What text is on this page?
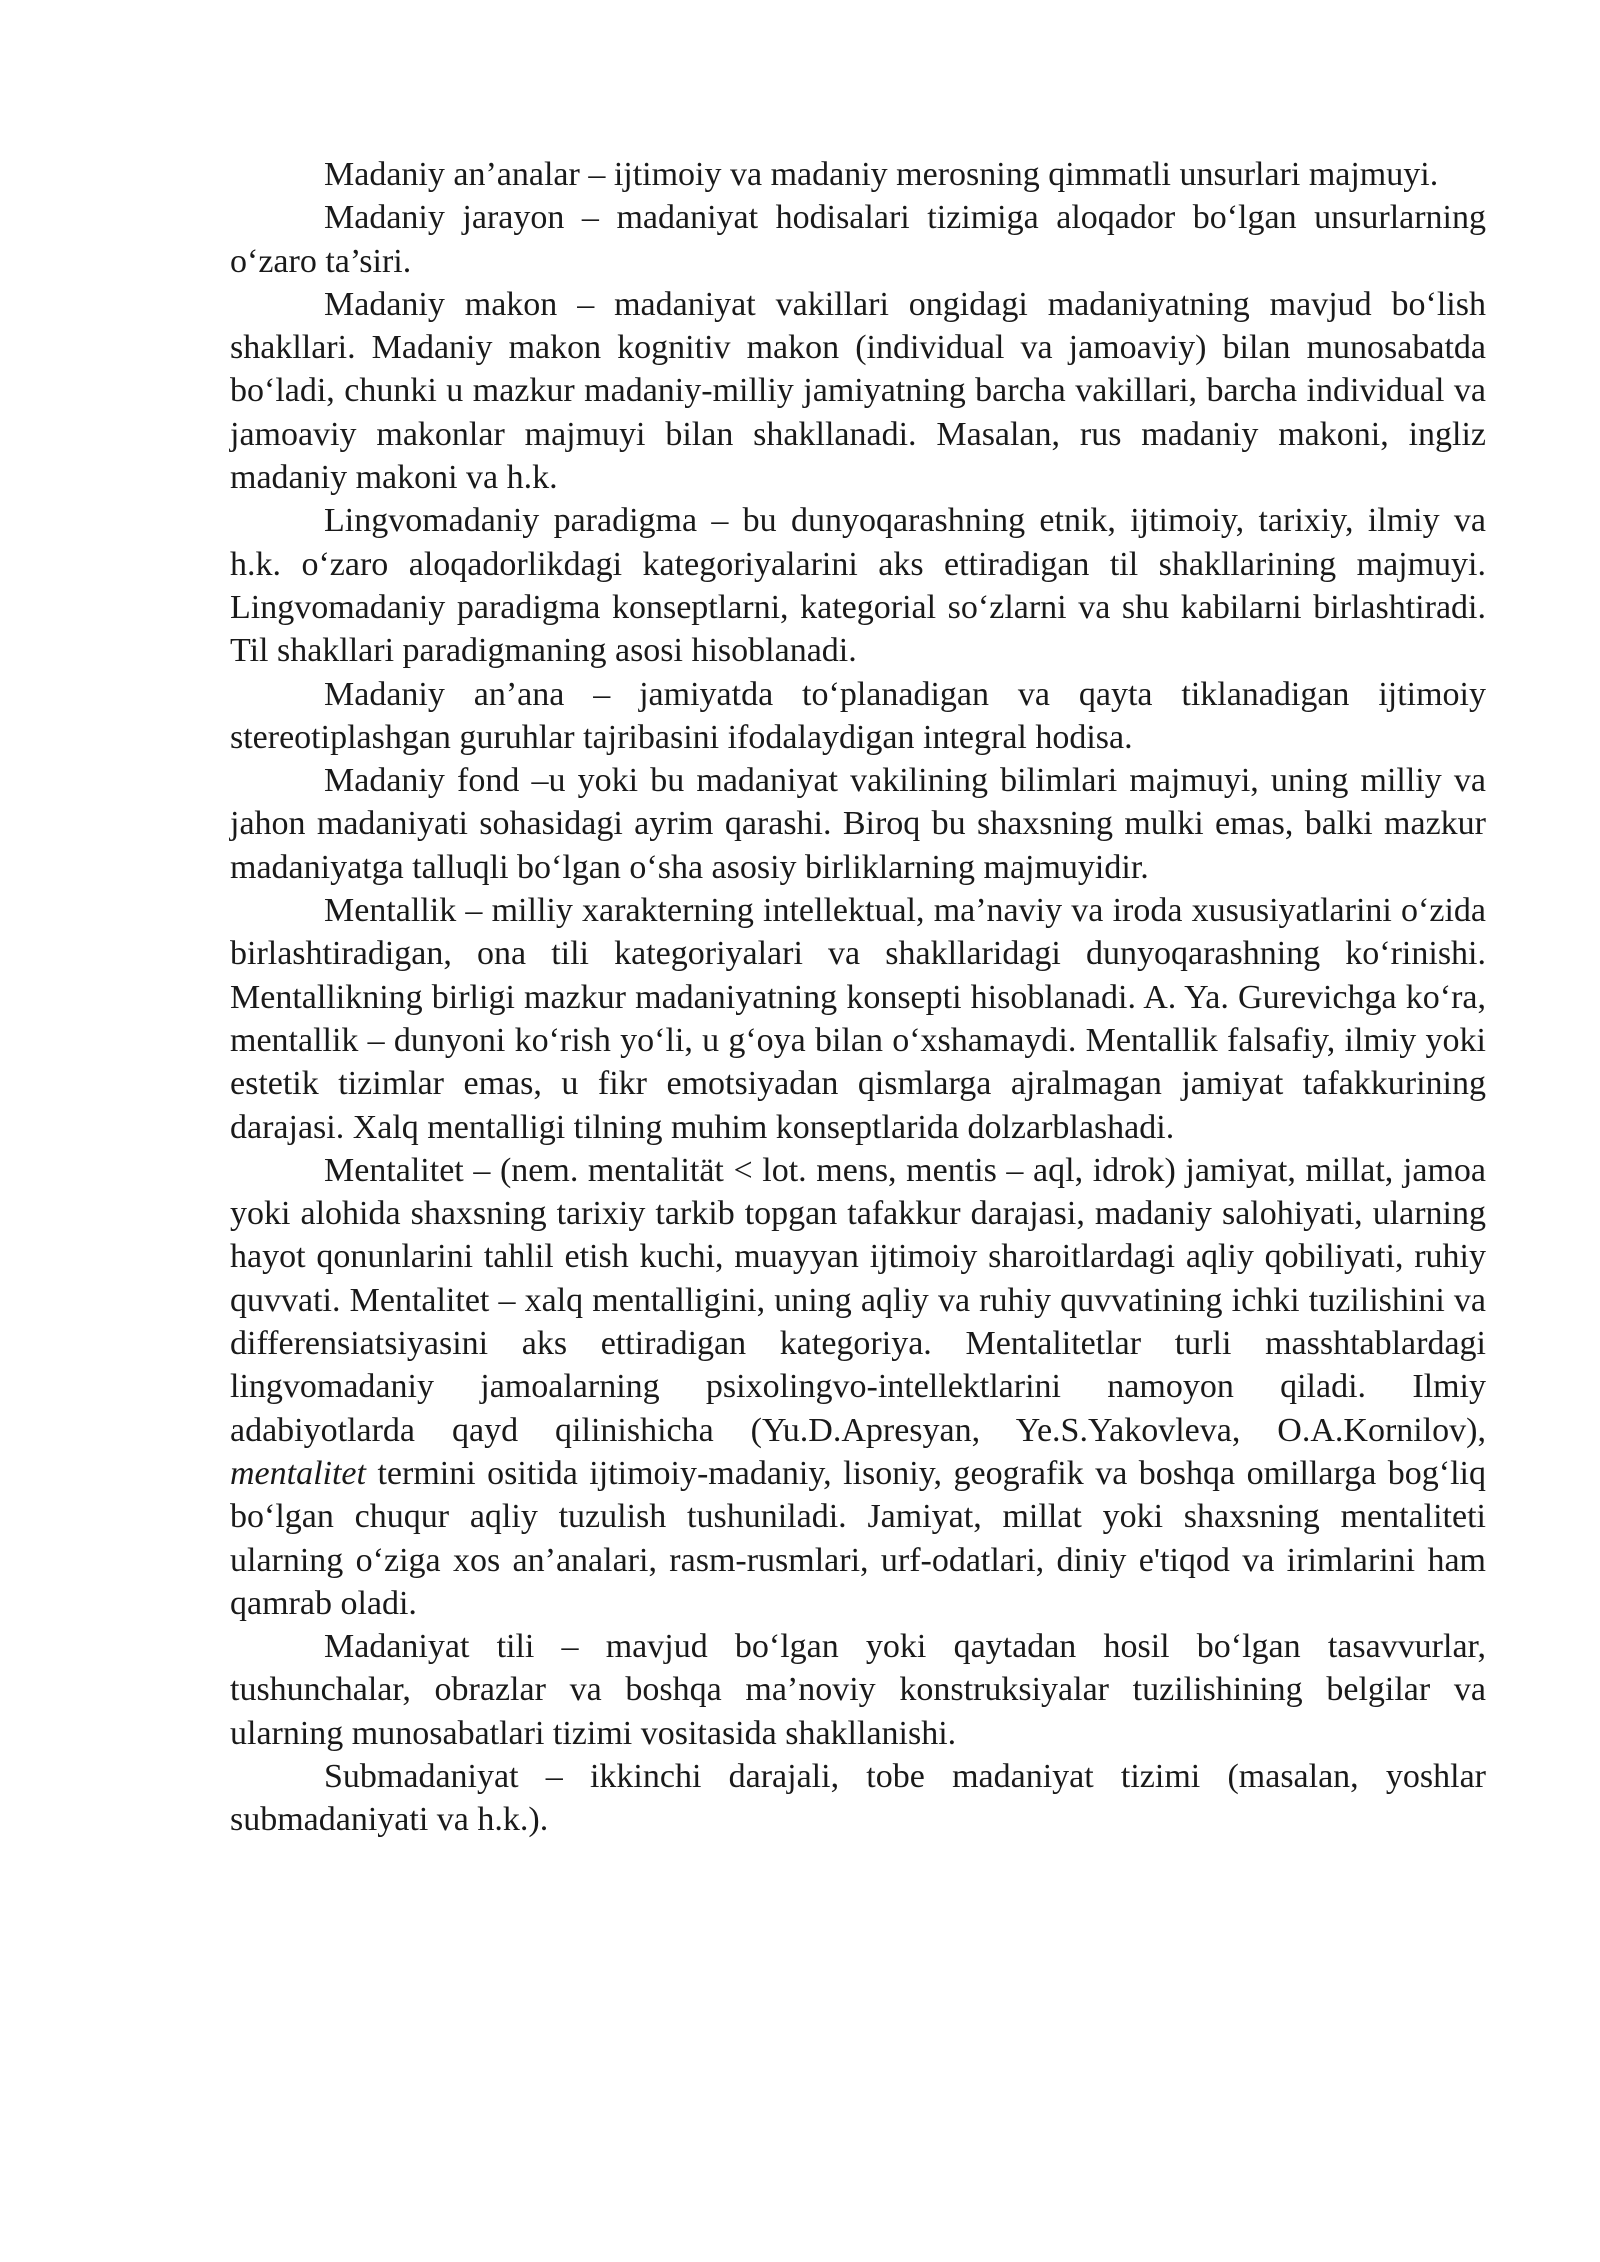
Madaniy an’analar – ijtimoiy va madaniy merosning qimmatli unsurlari majmuyi.

Madaniy jarayon – madaniyat hodisalari tizimiga aloqador bo‘lgan unsurlarning o‘zaro ta’siri.

Madaniy makon – madaniyat vakillari ongidagi madaniyatning mavjud bo‘lish shakllari. Madaniy makon kognitiv makon (individual va jamoaviy) bilan munosabatda bo‘ladi, chunki u mazkur madaniy-milliy jamiyatning barcha vakillari, barcha individual va jamoaviy makonlar majmuyi bilan shakllanadi. Masalan, rus madaniy makoni, ingliz madaniy makoni va h.k.

Lingvomadaniy paradigma – bu dunyoqarashning etnik, ijtimoiy, tarixiy, ilmiy va h.k. o‘zaro aloqadorlikdagi kategoriyalarini aks ettiradigan til shakllarining majmuyi. Lingvomadaniy paradigma konseptlarni, kategorial so‘zlarni va shu kabilarni birlashtiradi. Til shakllari paradigmaning asosi hisoblanadi.

Madaniy an’ana – jamiyatda to‘planadigan va qayta tiklanadigan ijtimoiy stereotiplashgan guruhlar tajribasini ifodalaydigan integral hodisa.

Madaniy fond –u yoki bu madaniyat vakilining bilimlari majmuyi, uning milliy va jahon madaniyati sohasidagi ayrim qarashi. Biroq bu shaxsning mulki emas, balki mazkur madaniyatga talluqli bo‘lgan o‘sha asosiy birliklarning majmuyidir.

Mentallik – milliy xarakterning intellektual, ma’naviy va iroda xususiyatlarini o‘zida birlashtiradigan, ona tili kategoriyalari va shakllaridagi dunyoqarashning ko‘rinishi. Mentallikning birligi mazkur madaniyatning konsepti hisoblanadi. A. Ya. Gurevichga ko‘ra, mentallik – dunyoni ko‘rish yo‘li, u g‘oya bilan o‘xshamaydi. Mentallik falsafiy, ilmiy yoki estetik tizimlar emas, u fikr emotsiyadan qismlarga ajralmagan jamiyat tafakkurining darajasi. Xalq mentalligi tilning muhim konseptlarida dolzarblashadi.

Mentalitet – (nem. mentalität < lot. mens, mentis – aql, idrok) jamiyat, millat, jamoa yoki alohida shaxsning tarixiy tarkib topgan tafakkur darajasi, madaniy salohiyati, ularning hayot qonunlarini tahlil etish kuchi, muayyan ijtimoiy sharoitlardagi aqliy qobiliyati, ruhiy quvvati. Mentalitet – xalq mentalligini, uning aqliy va ruhiy quvvatining ichki tuzilishini va differensiatsiyasini aks ettiradigan kategoriya. Mentalitetlar turli masshtablardagi lingvomadaniy jamoalarning psixolingvo-intellektlarini namoyon qiladi. Ilmiy adabiyotlarda qayd qilinishicha (Yu.D.Apresyan, Ye.S.Yakovleva, O.A.Kornilov), mentalitet termini ositida ijtimoiy-madaniy, lisoniy, geografik va boshqa omillarga bog‘liq bo‘lgan chuqur aqliy tuzulish tushuniladi. Jamiyat, millat yoki shaxsning mentaliteti ularning o‘ziga xos an’analari, rasm-rusmlari, urf-odatlari, diniy e'tiqod va irimlarini ham qamrab oladi.

Madaniyat tili – mavjud bo‘lgan yoki qaytadan hosil bo‘lgan tasavvurlar, tushunchalar, obrazlar va boshqa ma’noviy konstruksiyalar tuzilishining belgilar va ularning munosabatlari tizimi vositasida shakllanishi.

Submadaniyat – ikkinchi darajali, tobe madaniyat tizimi (masalan, yoshlar submadaniyati va h.k.).
